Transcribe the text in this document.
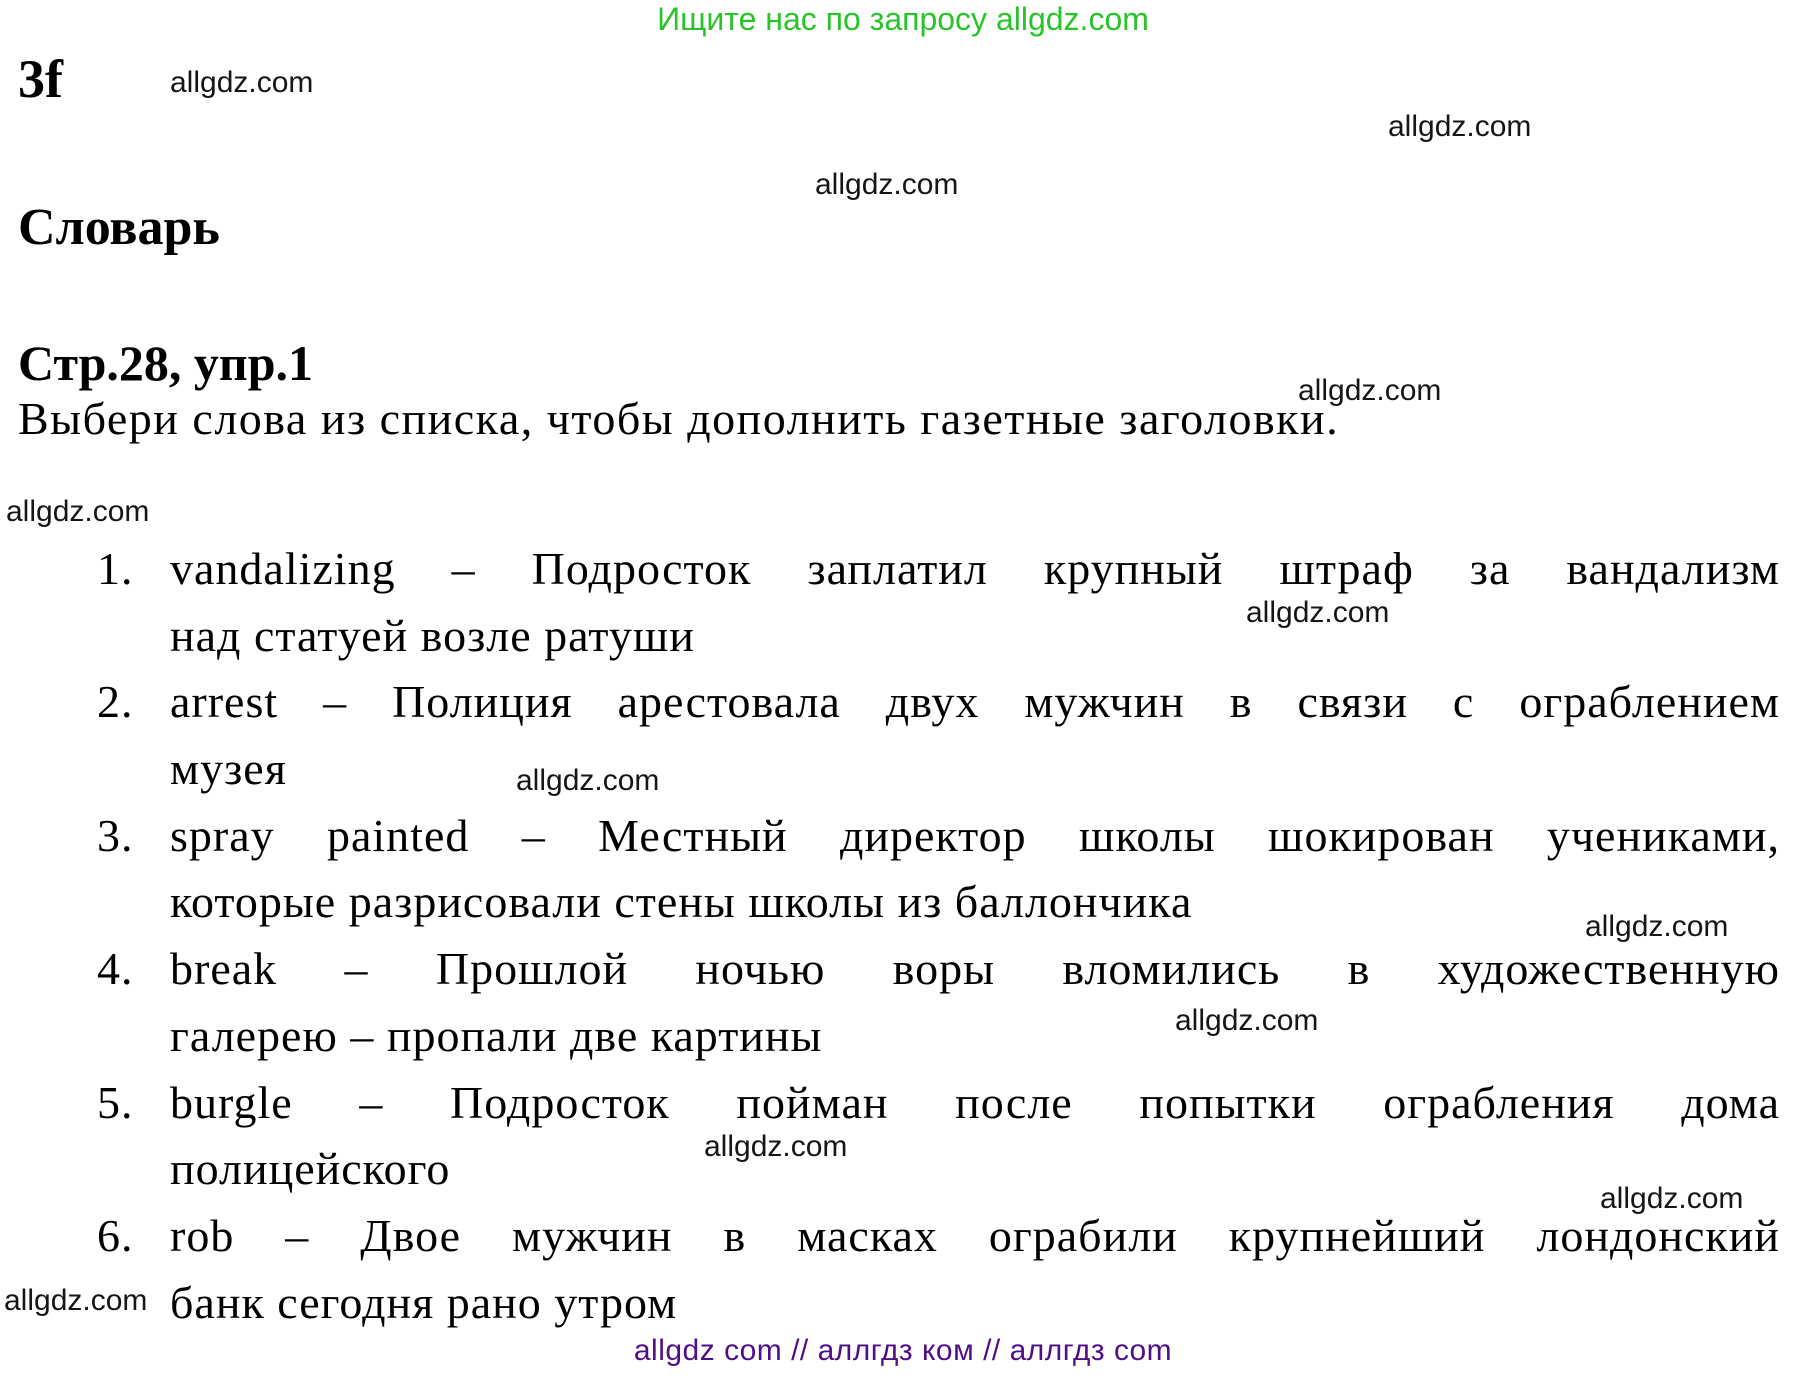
Ищите нас по запросу allgdz.com
3f	allgdz.com
allgdz.com
allgdz.com
allgdz.com
allgdz.com
allgdz.com
allgdz.com
allgdz.com
allgdz.com
allgdz.com
allgdz.com
allgdz.com
Словарь
Стр.28, упр.1
Выбери слова из списка, чтобы дополнить газетные заголовки.
1. vandalizing – Подросток заплатил крупный штраф за вандализм
над статуей возле ратуши
2. arrest – Полиция арестовала двух мужчин в связи с ограблением
музея
3. spray painted – Местный директор школы шокирован учениками,
которые разрисовали стены школы из баллончика
4. break – Прошлой ночью воры вломились в художественную
галерею – пропали две картины
5. burgle – Подросток пойман после попытки ограбления дома
полицейского
6. rob – Двое мужчин в масках ограбили крупнейший лондонский
банк сегодня рано утром
allgdz com // аллгдз ком // аллгдз com
